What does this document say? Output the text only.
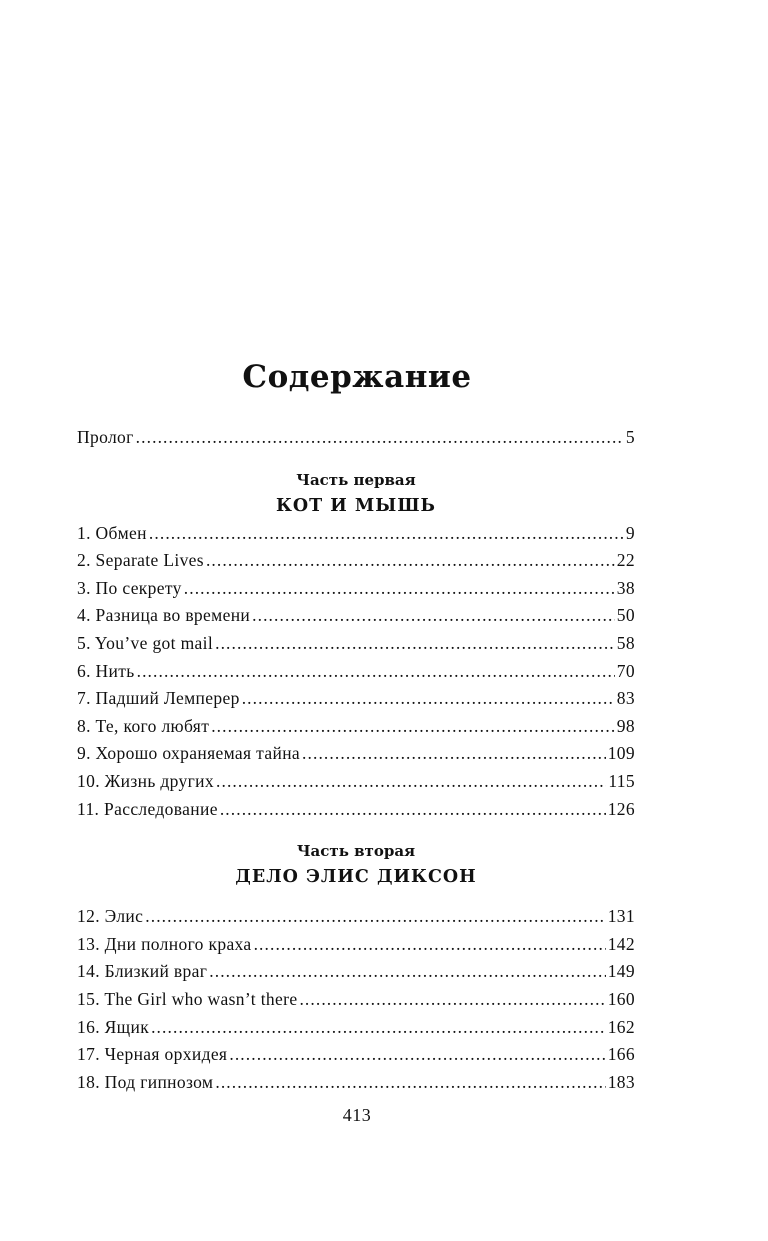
Содержание
Пролог .....	5
Часть первая
КОТ И МЫШЬ
1. Обмен .....	9
2. Separate Lives .....	22
3. По секрету .....	38
4. Разница во времени .....	50
5. You’ve got mail .....	58
6. Нить .....	70
7. Падший Лемперер .....	83
8. Те, кого любят .....	98
9. Хорошо охраняемая тайна .....	109
10. Жизнь других .....	115
11. Расследование .....	126
Часть вторая
ДЕЛО ЭЛИС ДИКСОН
12. Элис .....	131
13. Дни полного краха .....	142
14. Близкий враг .....	149
15. The Girl who wasn’t there .....	160
16. Ящик .....	162
17. Черная орхидея .....	166
18. Под гипнозом .....	183
413
